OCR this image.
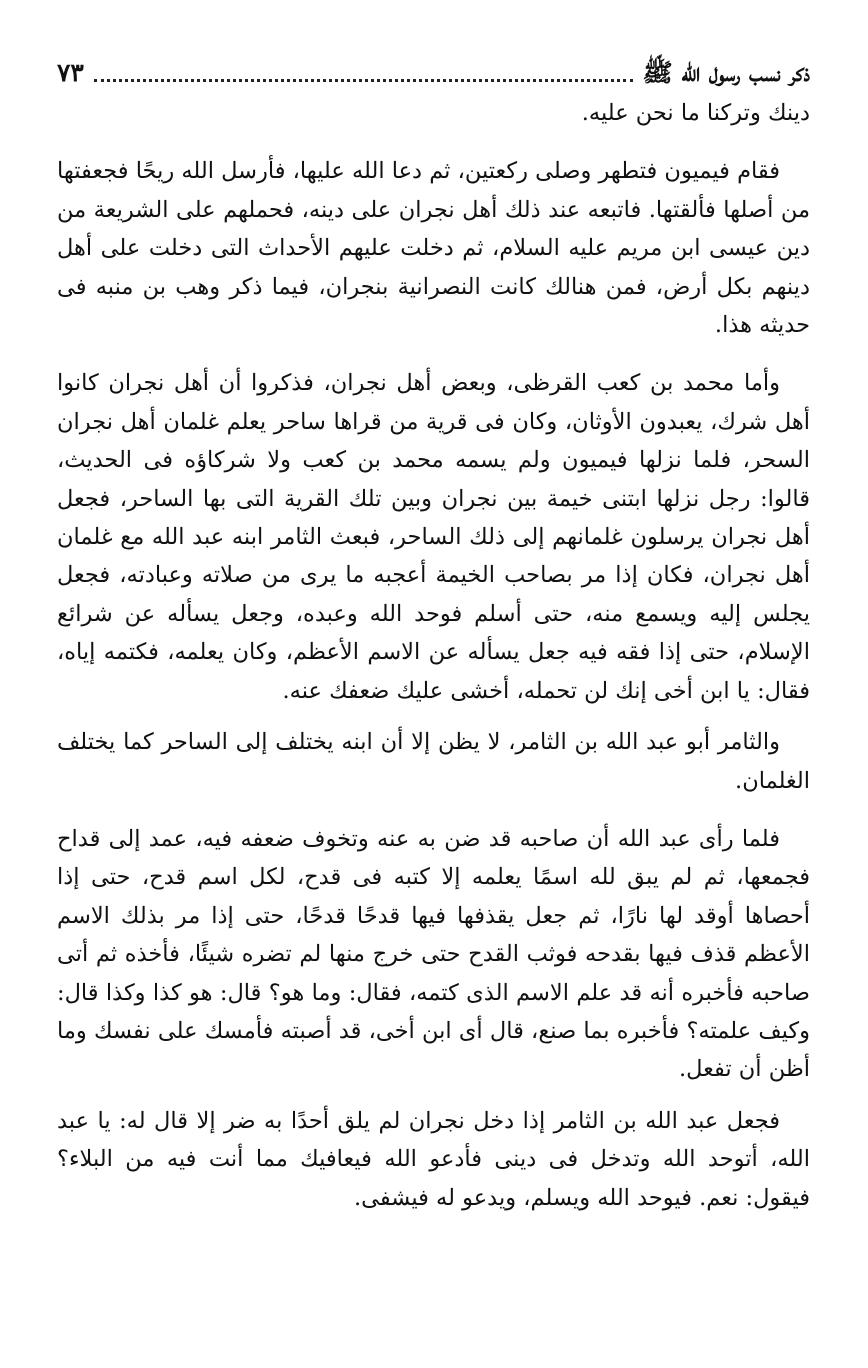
ذكر نسب رسول الله ﷺ
٧٣

دينك وتركنا ما نحن عليه.

فقام فيميون فتطهر وصلى ركعتين، ثم دعا الله عليها، فأرسل الله ريحًا فجعفتها من أصلها فألقتها. فاتبعه عند ذلك أهل نجران على دينه، فحملهم على الشريعة من دين عيسى ابن مريم عليه السلام، ثم دخلت عليهم الأحداث التى دخلت على أهل دينهم بكل أرض، فمن هنالك كانت النصرانية بنجران، فيما ذكر وهب بن منبه فى حديثه هذا.

وأما محمد بن كعب القرظى، وبعض أهل نجران، فذكروا أن أهل نجران كانوا أهل شرك، يعبدون الأوثان، وكان فى قرية من قراها ساحر يعلم غلمان أهل نجران السحر، فلما نزلها فيميون ولم يسمه محمد بن كعب ولا شركاؤه فى الحديث، قالوا: رجل نزلها ابتنى خيمة بين نجران وبين تلك القرية التى بها الساحر، فجعل أهل نجران يرسلون غلمانهم إلى ذلك الساحر، فبعث الثامر ابنه عبد الله مع غلمان أهل نجران، فكان إذا مر بصاحب الخيمة أعجبه ما يرى من صلاته وعبادته، فجعل يجلس إليه ويسمع منه، حتى أسلم فوحد الله وعبده، وجعل يسأله عن شرائع الإسلام، حتى إذا فقه فيه جعل يسأله عن الاسم الأعظم، وكان يعلمه، فكتمه إياه، فقال: يا ابن أخى إنك لن تحمله، أخشى عليك ضعفك عنه.

والثامر أبو عبد الله بن الثامر، لا يظن إلا أن ابنه يختلف إلى الساحر كما يختلف الغلمان.

فلما رأى عبد الله أن صاحبه قد ضن به عنه وتخوف ضعفه فيه، عمد إلى قداح فجمعها، ثم لم يبق لله اسمًا يعلمه إلا كتبه فى قدح، لكل اسم قدح، حتى إذا أحصاها أوقد لها نارًا، ثم جعل يقذفها فيها قدحًا قدحًا، حتى إذا مر بذلك الاسم الأعظم قذف فيها بقدحه فوثب القدح حتى خرج منها لم تضره شيئًا، فأخذه ثم أتى صاحبه فأخبره أنه قد علم الاسم الذى كتمه، فقال: وما هو؟ قال: هو كذا وكذا قال: وكيف علمته؟ فأخبره بما صنع، قال أى ابن أخى، قد أصبته فأمسك على نفسك وما أظن أن تفعل.

فجعل عبد الله بن الثامر إذا دخل نجران لم يلق أحدًا به ضر إلا قال له: يا عبد الله، أتوحد الله وتدخل فى دينى فأدعو الله فيعافيك مما أنت فيه من البلاء؟ فيقول: نعم. فيوحد الله ويسلم، ويدعو له فيشفى.
